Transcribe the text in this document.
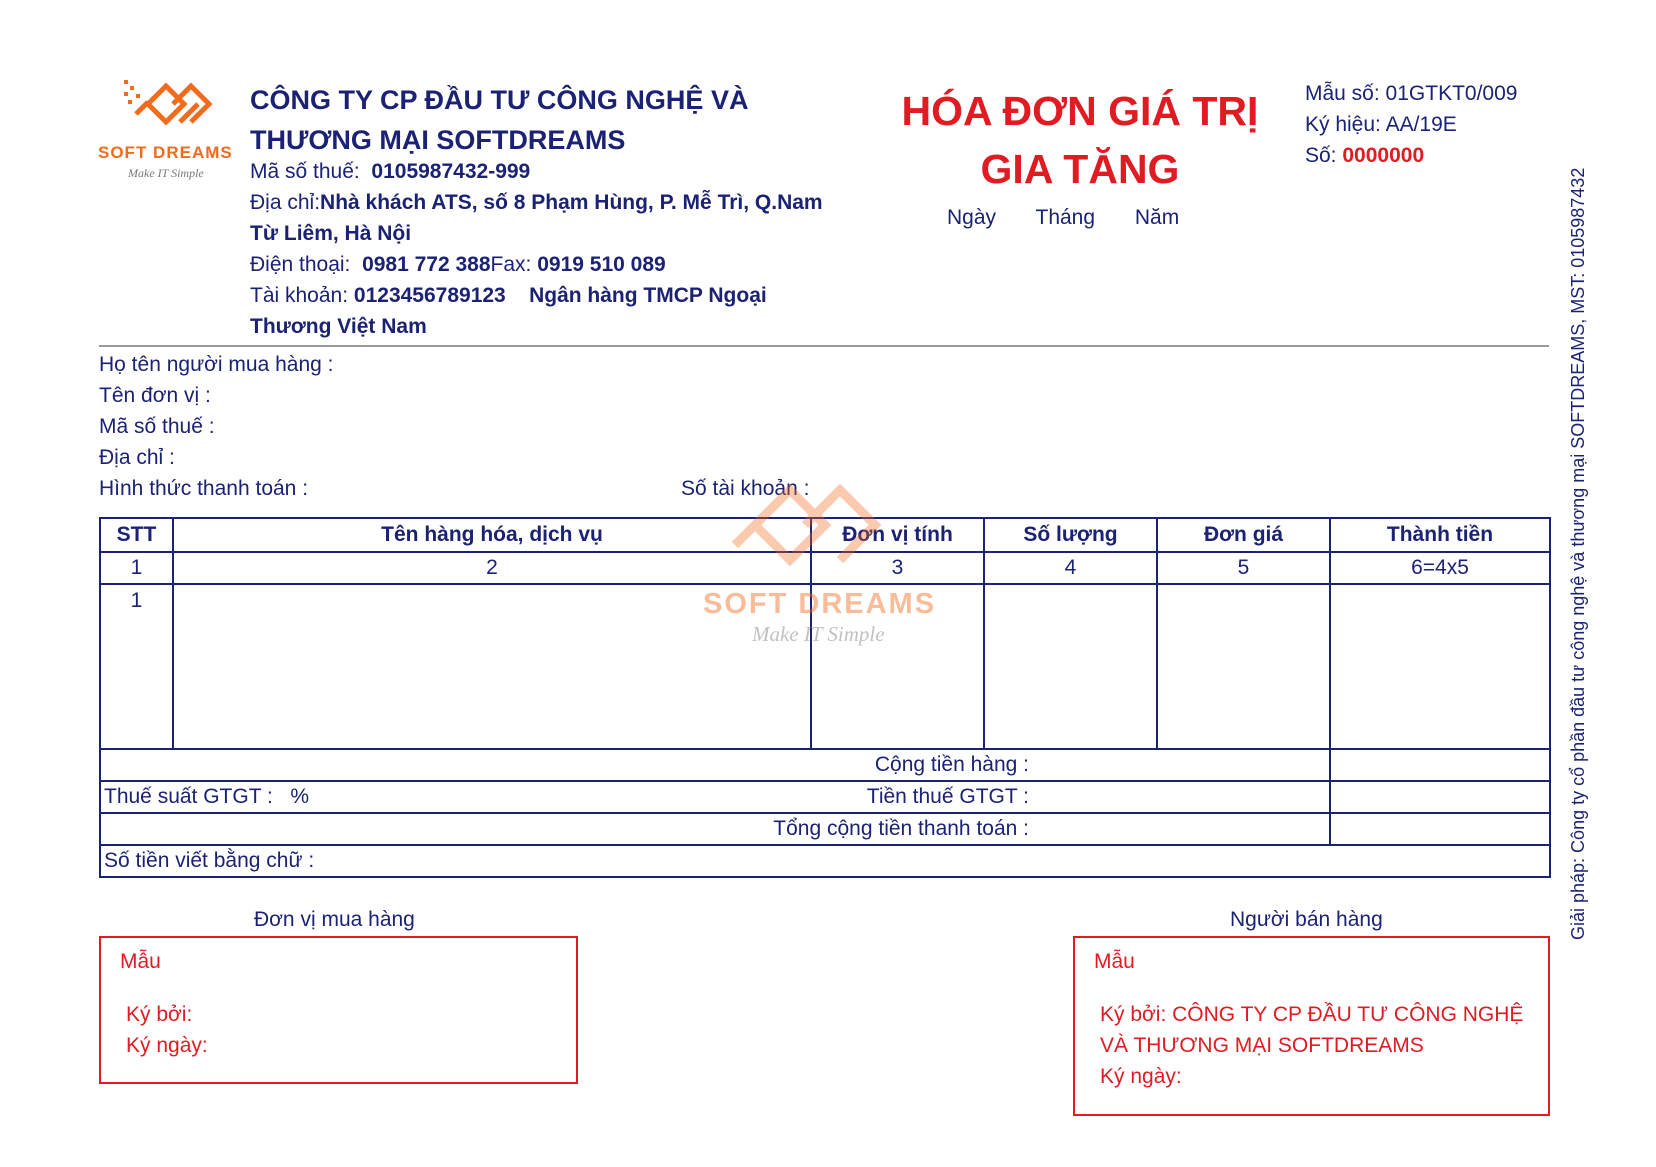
SOFT DREAMS
Make IT Simple
CÔNG TY CP ĐẦU TƯ CÔNG NGHỆ VÀ THƯƠNG MẠI SOFTDREAMS
Mã số thuế: 0105987432-999
Địa chỉ:Nhà khách ATS, số 8 Phạm Hùng, P. Mễ Trì, Q.Nam
Từ Liêm, Hà Nội
Điện thoại: 0981 772 388Fax: 0919 510 089
Tài khoản: 0123456789123 Ngân hàng TMCP Ngoại
Thương Việt Nam
HÓA ĐƠN GIÁ TRỊ
GIA TĂNG
Ngày Tháng Năm
Mẫu số: 01GTKT0/009
Ký hiệu: AA/19E
Số: 0000000
Giải pháp: Công ty cổ phần đầu tư công nghệ và thương mại SOFTDREAMS, MST: 0105987432
Họ tên người mua hàng :
Tên đơn vị :
Mã số thuế :
Địa chỉ :
Hình thức thanh toán :	Số tài khoản :
STT	Tên hàng hóa, dịch vụ	Đơn vị tính	Số lượng	Đơn giá	Thành tiền
1	2	3	4	5	6=4x5
1					
Cộng tiền hàng :					
Thuế suất GTGT : % Tiền thuế GTGT :					

Tổng cộng tiền thanh toán :					
Số tiền viết bằng chữ :					
SOFT DREAMS
Make IT Simple
Đơn vị mua hàng	Người bán hàng
Mẫu
Ký bởi:
Ký ngày:
Mẫu
Ký bởi: CÔNG TY CP ĐẦU TƯ CÔNG NGHỆ
VÀ THƯƠNG MẠI SOFTDREAMS
Ký ngày:
